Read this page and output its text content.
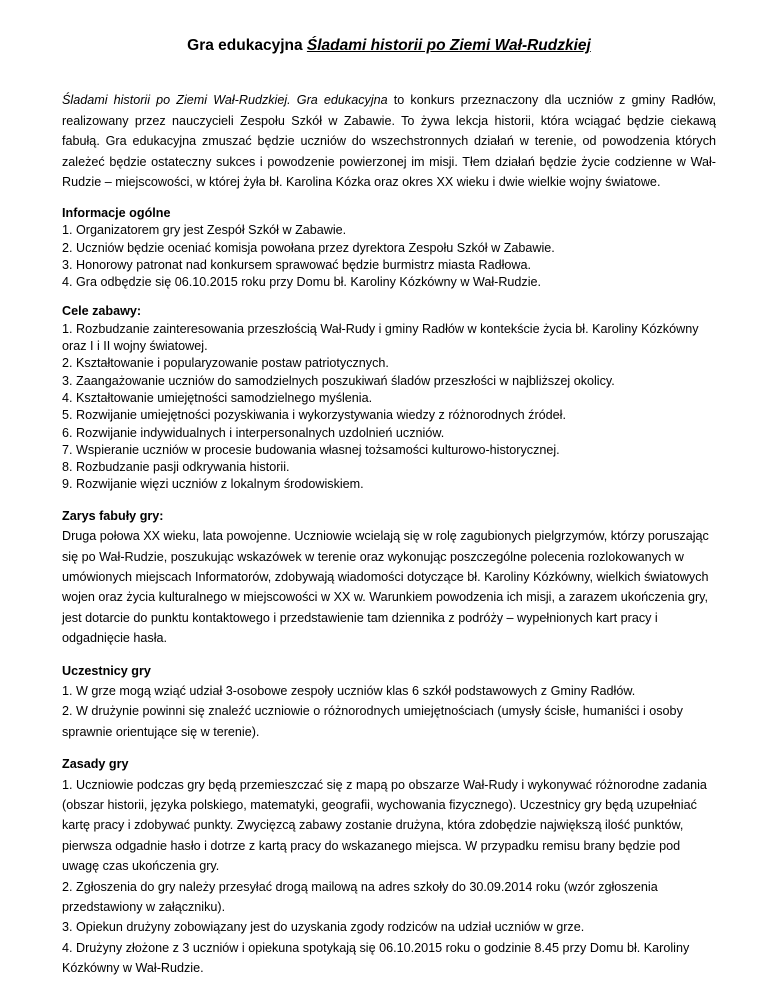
Gra edukacyjna Śladami historii po Ziemi Wał-Rudzkiej

Śladami historii po Ziemi Wał-Rudzkiej. Gra edukacyjna to konkurs przeznaczony dla uczniów z gminy Radłów, realizowany przez nauczycieli Zespołu Szkół w Zabawie. To żywa lekcja historii, która wciągać będzie ciekawą fabułą. Gra edukacyjna zmuszać będzie uczniów do wszechstronnych działań w terenie, od powodzenia których zależeć będzie ostateczny sukces i powodzenie powierzonej im misji. Tłem działań będzie życie codzienne w Wał-Rudzie – miejscowości, w której żyła bł. Karolina Kózka oraz okres XX wieku i dwie wielkie wojny światowe.

Informacje ogólne
1. Organizatorem gry jest Zespół Szkół w Zabawie.
2. Uczniów będzie oceniać komisja powołana przez dyrektora Zespołu Szkół w Zabawie.
3. Honorowy patronat nad konkursem sprawować będzie burmistrz miasta Radłowa.
4. Gra odbędzie się 06.10.2015 roku przy Domu bł. Karoliny Kózkówny w Wał-Rudzie.
Cele zabawy:
1. Rozbudzanie zainteresowania przeszłością Wał-Rudy i gminy Radłów w kontekście życia bł. Karoliny Kózkówny oraz I i II wojny światowej.
2. Kształtowanie i popularyzowanie postaw patriotycznych.
3. Zaangażowanie uczniów do samodzielnych poszukiwań śladów przeszłości w najbliższej okolicy.
4. Kształtowanie umiejętności samodzielnego myślenia.
5. Rozwijanie umiejętności pozyskiwania i wykorzystywania wiedzy z różnorodnych źródeł.
6. Rozwijanie indywidualnych i interpersonalnych uzdolnień uczniów.
7. Wspieranie uczniów w procesie budowania własnej tożsamości kulturowo-historycznej.
8. Rozbudzanie pasji odkrywania historii.
9. Rozwijanie więzi uczniów z lokalnym środowiskiem.
Zarys fabuły gry:
Druga połowa XX wieku, lata powojenne. Uczniowie wcielają się w rolę zagubionych pielgrzymów, którzy poruszając się po Wał-Rudzie, poszukując wskazówek w terenie oraz wykonując poszczególne polecenia rozlokowanych w umówionych miejscach Informatorów, zdobywają wiadomości dotyczące bł. Karoliny Kózkówny, wielkich światowych wojen oraz życia kulturalnego w miejscowości w XX w. Warunkiem powodzenia ich misji, a zarazem ukończenia gry, jest dotarcie do punktu kontaktowego i przedstawienie tam dziennika z podróży – wypełnionych kart pracy i odgadnięcie hasła.
Uczestnicy gry
1. W grze mogą wziąć udział 3-osobowe zespoły uczniów klas 6 szkół podstawowych z Gminy Radłów.
2. W drużynie powinni się znaleźć uczniowie o różnorodnych umiejętnościach (umysły ścisłe, humaniści i osoby sprawnie orientujące się w terenie).
Zasady gry
1. Uczniowie podczas gry będą przemieszczać się z mapą po obszarze Wał-Rudy i wykonywać różnorodne zadania (obszar historii, języka polskiego, matematyki, geografii, wychowania fizycznego). Uczestnicy gry będą uzupełniać kartę pracy i zdobywać punkty. Zwycięzcą zabawy zostanie drużyna, która zdobędzie największą ilość punktów, pierwsza odgadnie hasło i dotrze z kartą pracy do wskazanego miejsca. W przypadku remisu brany będzie pod uwagę czas ukończenia gry.
2. Zgłoszenia do gry należy przesyłać drogą mailową na adres szkoły do 30.09.2014 roku (wzór zgłoszenia przedstawiony w załączniku).
3. Opiekun drużyny zobowiązany jest do uzyskania zgody rodziców na udział uczniów w grze.
4. Drużyny złożone z 3 uczniów i opiekuna spotykają się 06.10.2015 roku o godzinie 8.45 przy Domu bł. Karoliny Kózkówny w Wał-Rudzie.
